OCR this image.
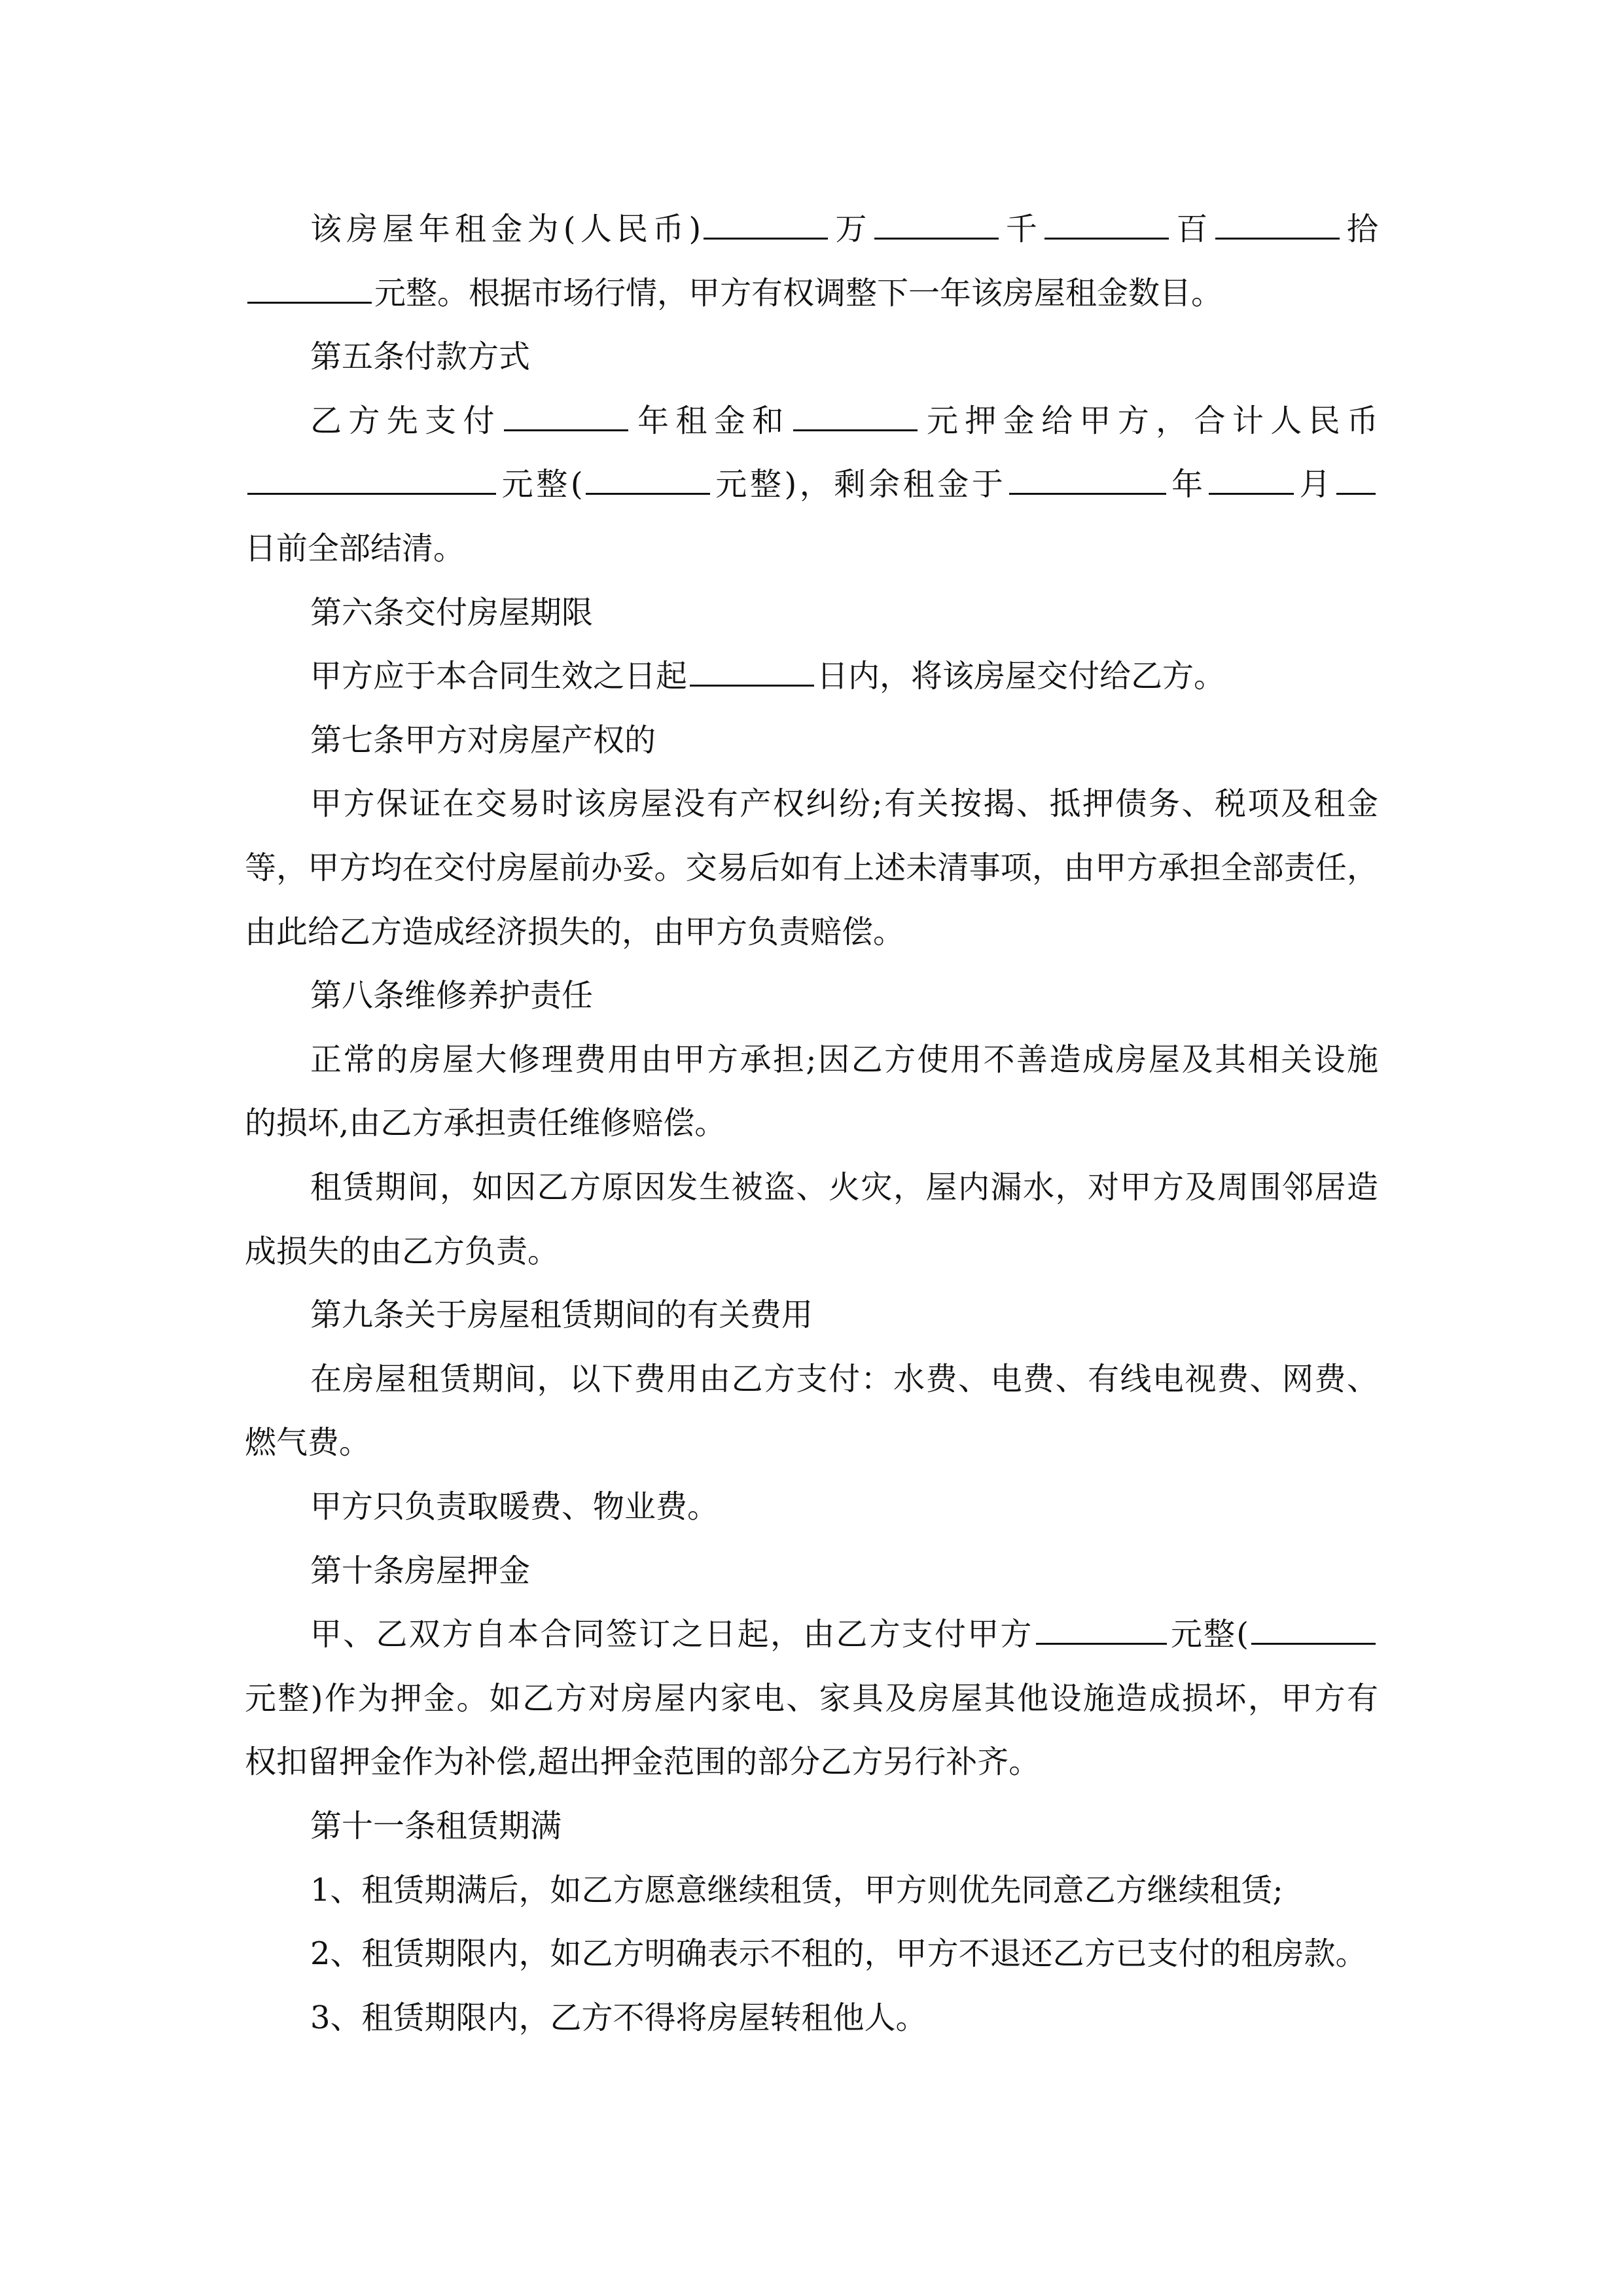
该房屋年租金为(人民币)	万	千	百	拾
元整。根据市场行情，甲方有权调整下一年该房屋租金数目。
第五条付款方式
乙方先支付	年租金和	元押金给甲方，合计人民币
元整(	元整)，剩余租金于	年	月
日前全部结清。
第六条交付房屋期限
甲方应于本合同生效之日起	日内，将该房屋交付给乙方。
第七条甲方对房屋产权的
甲方保证在交易时该房屋没有产权纠纷;有关按揭、抵押债务、税项及租金
等，甲方均在交付房屋前办妥。交易后如有上述未清事项，由甲方承担全部责任，
由此给乙方造成经济损失的，由甲方负责赔偿。
第八条维修养护责任
正常的房屋大修理费用由甲方承担;因乙方使用不善造成房屋及其相关设施
的损坏,由乙方承担责任维修赔偿。
租赁期间，如因乙方原因发生被盗、火灾，屋内漏水，对甲方及周围邻居造
成损失的由乙方负责。
第九条关于房屋租赁期间的有关费用
在房屋租赁期间，以下费用由乙方支付：水费、电费、有线电视费、网费、
燃气费。
甲方只负责取暖费、物业费。
第十条房屋押金
甲、乙双方自本合同签订之日起，由乙方支付甲方	元整(
元整)作为押金。如乙方对房屋内家电、家具及房屋其他设施造成损坏，甲方有
权扣留押金作为补偿,超出押金范围的部分乙方另行补齐。
第十一条租赁期满
1、租赁期满后，如乙方愿意继续租赁，甲方则优先同意乙方继续租赁;
2、租赁期限内，如乙方明确表示不租的，甲方不退还乙方已支付的租房款。
3、租赁期限内，乙方不得将房屋转租他人。
